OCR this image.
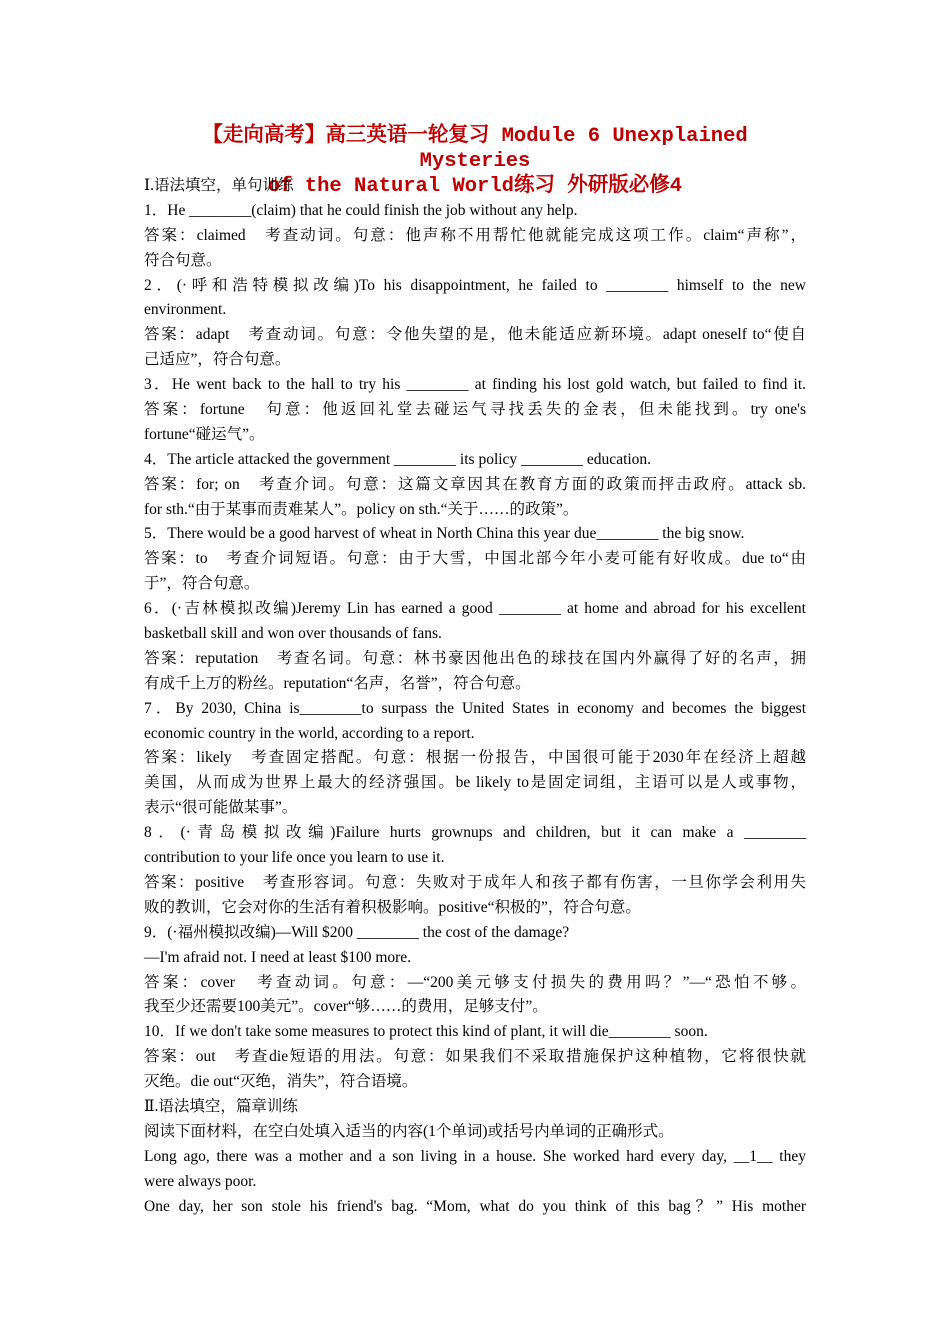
【走向高考】高三英语一轮复习 Module 6 Unexplained Mysteries
of the Natural World练习 外研版必修4
Ⅰ.语法填空，单句训练
1．He ________(claim) that he could finish the job without any help.
答案：claimed　考查动词。句意：他声称不用帮忙他就能完成这项工作。claim“声称”，
符合句意。
2．(·呼和浩特模拟改编)To his disappointment, he failed to ________ himself to the new
environment.
答案：adapt　考查动词。句意：令他失望的是，他未能适应新环境。adapt oneself to“使自
己适应”，符合句意。
3．He went back to the hall to try his ________ at finding his lost gold watch, but failed to find it.
答案：fortune　句意：他返回礼堂去碰运气寻找丢失的金表，但未能找到。try one's
fortune“碰运气”。
4．The article attacked the government ________ its policy ________ education.
答案：for; on　考查介词。句意：这篇文章因其在教育方面的政策而抨击政府。attack sb.
for sth.“由于某事而责难某人”。policy on sth.“关于……的政策”。
5．There would be a good harvest of wheat in North China this year due________ the big snow.
答案：to　考查介词短语。句意：由于大雪，中国北部今年小麦可能有好收成。due to“由
于”，符合句意。
6．(·吉林模拟改编)Jeremy Lin has earned a good ________ at home and abroad for his excellent
basketball skill and won over thousands of fans.
答案：reputation　考查名词。句意：林书豪因他出色的球技在国内外赢得了好的名声，拥
有成千上万的粉丝。reputation“名声，名誉”，符合句意。
7．By 2030, China is________to surpass the United States in economy and becomes the biggest
economic country in the world, according to a report.
答案：likely　考查固定搭配。句意：根据一份报告，中国很可能于2030年在经济上超越
美国，从而成为世界上最大的经济强国。be likely to是固定词组，主语可以是人或事物，
表示“很可能做某事”。
8．(·青岛模拟改编)Failure hurts grownups and children, but it can make a ________
contribution to your life once you learn to use it.
答案：positive　考查形容词。句意：失败对于成年人和孩子都有伤害，一旦你学会利用失
败的教训，它会对你的生活有着积极影响。positive“积极的”，符合句意。
9．(·福州模拟改编)—Will $200 ________ the cost of the damage?
—I'm afraid not. I need at least $100 more.
答案：cover　考查动词。句意：—“200美元够支付损失的费用吗？”—“恐怕不够。
我至少还需要100美元”。cover“够……的费用，足够支付”。
10．If we don't take some measures to protect this kind of plant, it will die________ soon.
答案：out　考查die短语的用法。句意：如果我们不采取措施保护这种植物，它将很快就
灭绝。die out“灭绝，消失”，符合语境。
Ⅱ.语法填空，篇章训练
阅读下面材料，在空白处填入适当的内容(1个单词)或括号内单词的正确形式。
Long ago, there was a mother and a son living in a house. She worked hard every day, __1__ they
were always poor.
One day, her son stole his friend's bag. “Mom, what do you think of this bag？” His mother
